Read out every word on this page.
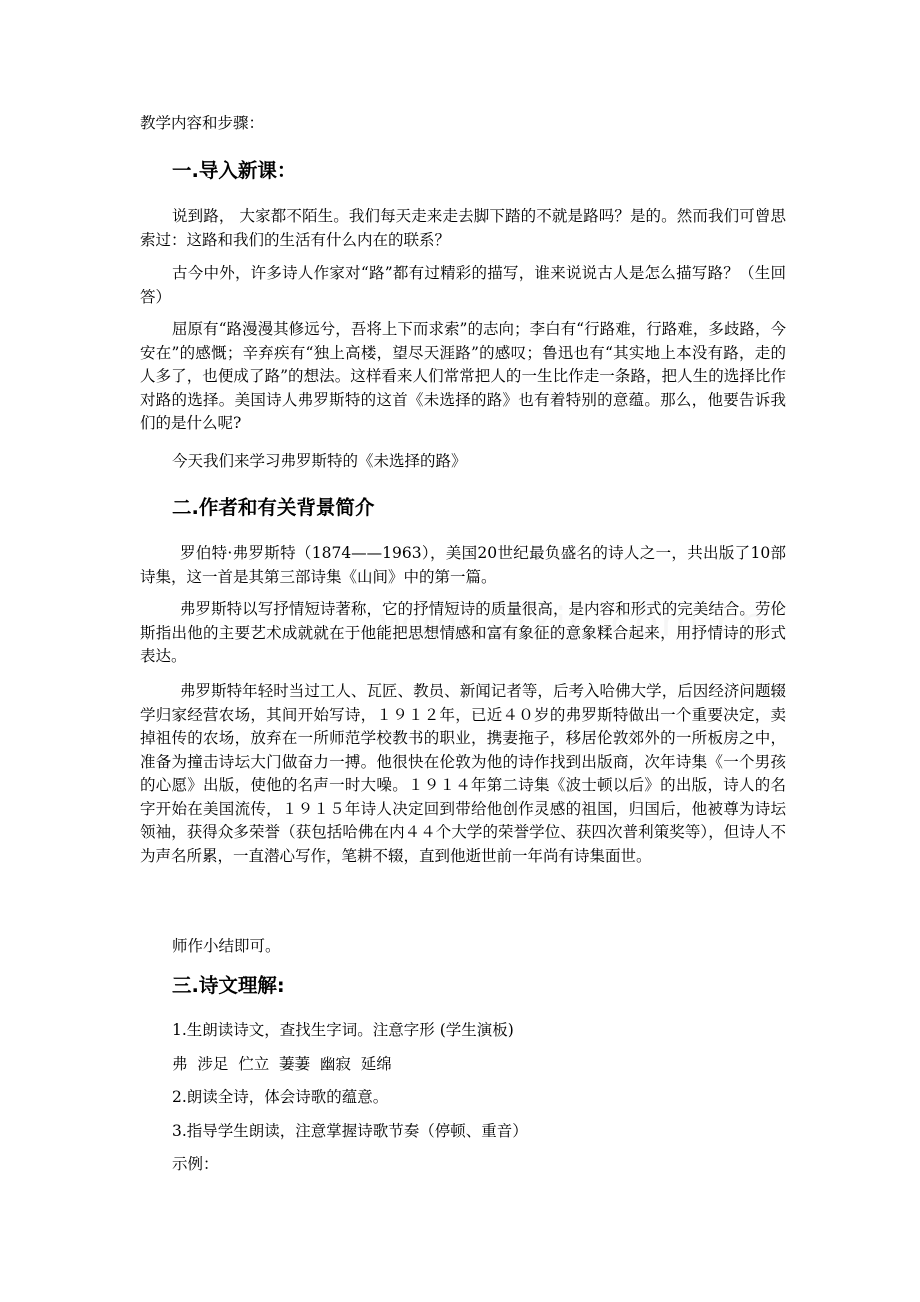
教学内容和步骤：

一.导入新课：

说到路， 大家都不陌生。我们每天走来走去脚下踏的不就是路吗？是的。然而我们可曾思索过：这路和我们的生活有什么内在的联系？

古今中外，许多诗人作家对“路”都有过精彩的描写，谁来说说古人是怎么描写路？（生回答）

屈原有“路漫漫其修远兮，吾将上下而求索”的志向；李白有“行路难，行路难，多歧路，今安在”的感慨；辛弃疾有“独上高楼，望尽天涯路”的感叹；鲁迅也有“其实地上本没有路，走的人多了，也便成了路”的想法。这样看来人们常常把人的一生比作走一条路，把人生的选择比作对路的选择。美国诗人弗罗斯特的这首《未选择的路》也有着特别的意蕴。那么，他要告诉我们的是什么呢?

今天我们来学习弗罗斯特的《未选择的路》

二.作者和有关背景简介

罗伯特·弗罗斯特（1874——1963），美国20世纪最负盛名的诗人之一，共出版了10部诗集，这一首是其第三部诗集《山间》中的第一篇。

弗罗斯特以写抒情短诗著称，它的抒情短诗的质量很高，是内容和形式的完美结合。劳伦斯指出他的主要艺术成就就在于他能把思想情感和富有象征的意象糅合起来，用抒情诗的形式表达。

弗罗斯特年轻时当过工人、瓦匠、教员、新闻记者等，后考入哈佛大学，后因经济问题辍学归家经营农场，其间开始写诗，１９１２年，已近４０岁的弗罗斯特做出一个重要决定，卖掉祖传的农场，放弃在一所师范学校教书的职业，携妻拖子，移居伦敦郊外的一所板房之中，准备为撞击诗坛大门做奋力一搏。他很快在伦敦为他的诗作找到出版商，次年诗集《一个男孩的心愿》出版，使他的名声一时大噪。１９１４年第二诗集《波士顿以后》的出版，诗人的名字开始在美国流传，１９１５年诗人决定回到带给他创作灵感的祖国，归国后，他被尊为诗坛领袖，获得众多荣誉（获包括哈佛在内４４个大学的荣誉学位、获四次普利策奖等），但诗人不为声名所累，一直潜心写作，笔耕不辍，直到他逝世前一年尚有诗集面世。

师作小结即可。

三.诗文理解:

1.生朗读诗文，查找生字词。注意字形 (学生演板)

弗  涉足  伫立  萋萋  幽寂  延绵

2.朗读全诗，体会诗歌的蕴意。

3.指导学生朗读，注意掌握诗歌节奏（停顿、重音）

示例：
